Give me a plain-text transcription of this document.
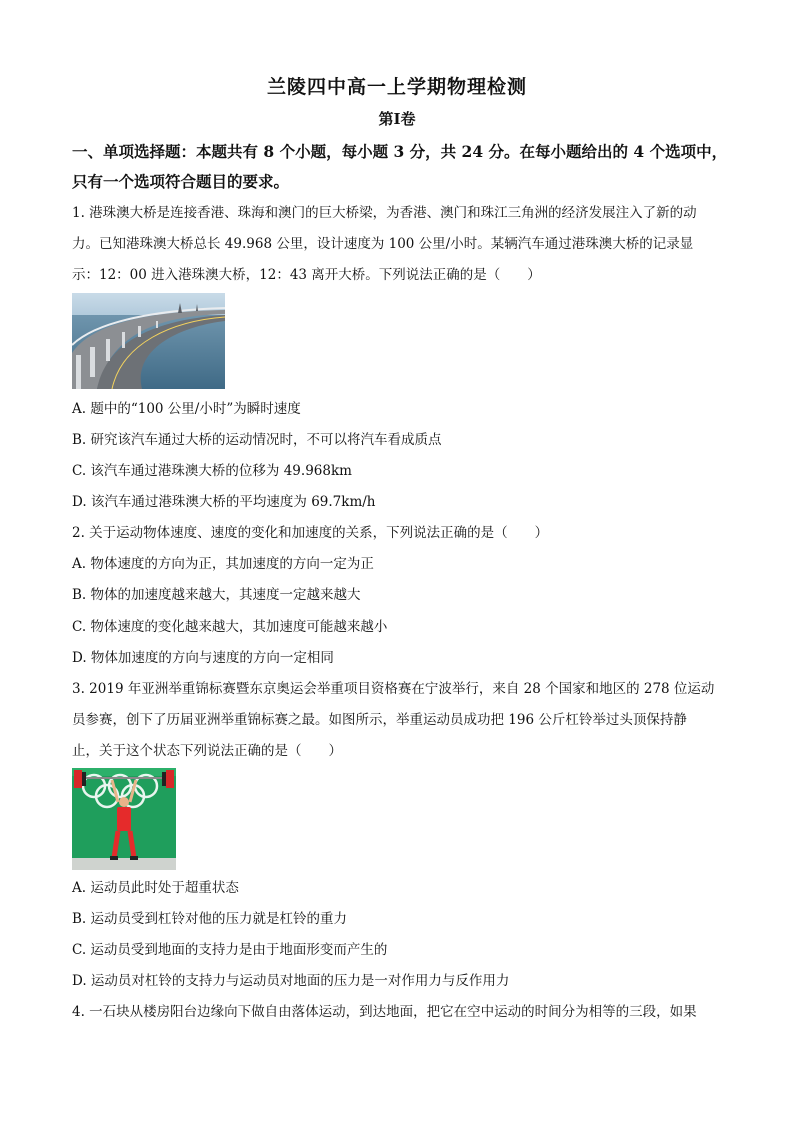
兰陵四中高一上学期物理检测
第I卷
一、单项选择题：本题共有 8 个小题，每小题 3 分，共 24 分。在每小题给出的 4 个选项中，
只有一个选项符合题目的要求。
1. 港珠澳大桥是连接香港、珠海和澳门的巨大桥梁，为香港、澳门和珠江三角洲的经济发展注入了新的动
力。已知港珠澳大桥总长 49.968 公里，设计速度为 100 公里/小时。某辆汽车通过港珠澳大桥的记录显
示：12：00 进入港珠澳大桥，12：43 离开大桥。下列说法正确的是（　　）
A. 题中的“100 公里/小时”为瞬时速度
B. 研究该汽车通过大桥的运动情况时，不可以将汽车看成质点
C. 该汽车通过港珠澳大桥的位移为 49.968km
D. 该汽车通过港珠澳大桥的平均速度为 69.7km/h
2. 关于运动物体速度、速度的变化和加速度的关系，下列说法正确的是（　　）
A. 物体速度的方向为正，其加速度的方向一定为正
B. 物体的加速度越来越大，其速度一定越来越大
C. 物体速度的变化越来越大，其加速度可能越来越小
D. 物体加速度的方向与速度的方向一定相同
3. 2019 年亚洲举重锦标赛暨东京奥运会举重项目资格赛在宁波举行，来自 28 个国家和地区的 278 位运动
员参赛，创下了历届亚洲举重锦标赛之最。如图所示，举重运动员成功把 196 公斤杠铃举过头顶保持静
止，关于这个状态下列说法正确的是（　　）
A. 运动员此时处于超重状态
B. 运动员受到杠铃对他的压力就是杠铃的重力
C. 运动员受到地面的支持力是由于地面形变而产生的
D. 运动员对杠铃的支持力与运动员对地面的压力是一对作用力与反作用力
4. 一石块从楼房阳台边缘向下做自由落体运动，到达地面，把它在空中运动的时间分为相等的三段，如果
